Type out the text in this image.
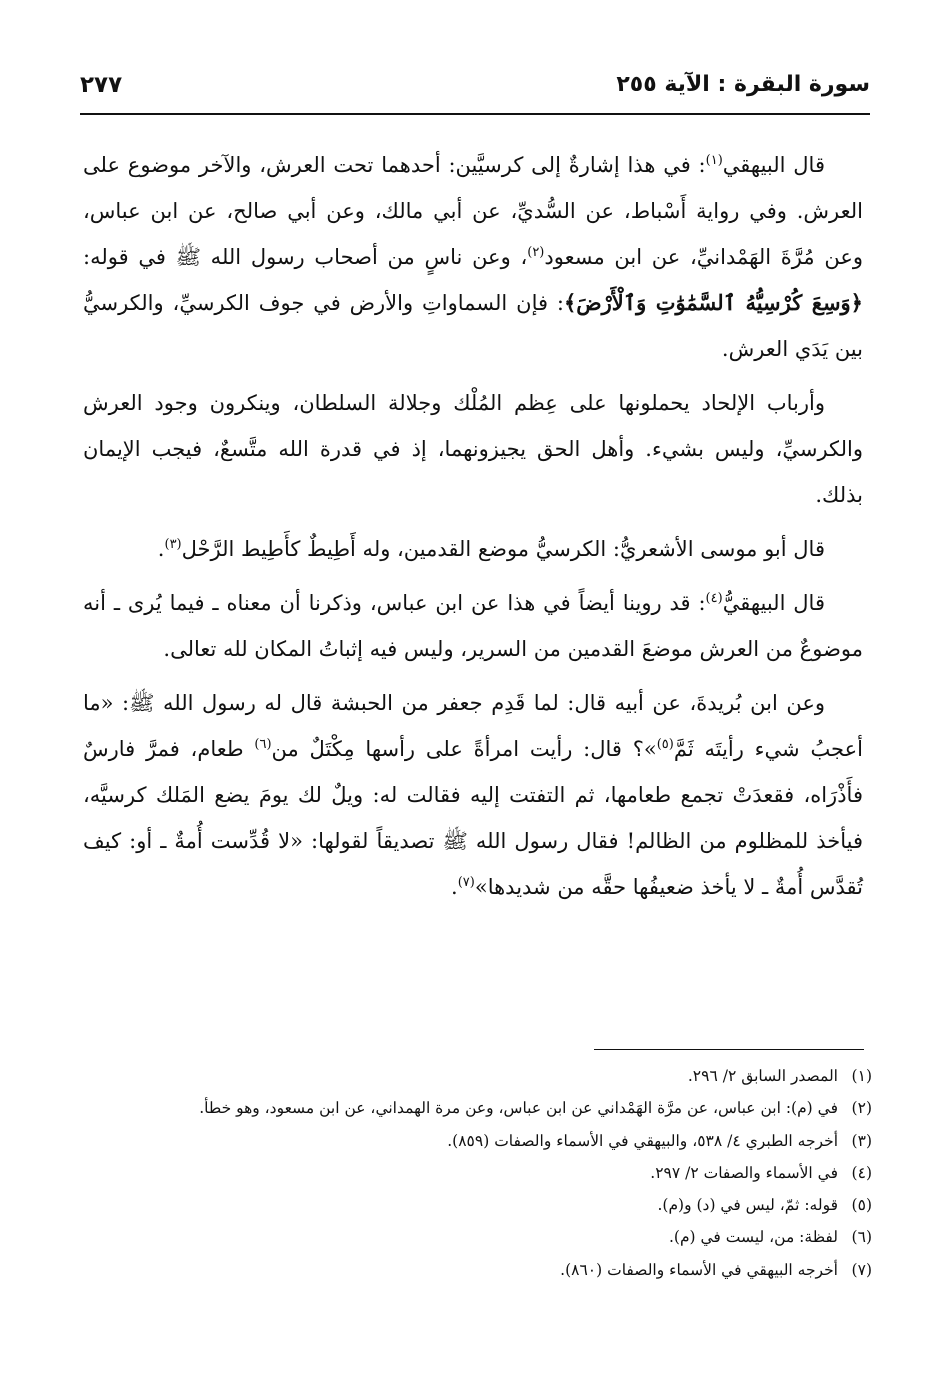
سورة البقرة : الآية ٢٥٥
٢٧٧

قال البيهقي$^{(١)}$: في هذا إشارةٌ إلى كرسيَّين: أحدهما تحت العرش، والآخر موضوع على العرش. وفي رواية أَسْباط، عن السُّديِّ، عن أبي مالك، وعن أبي صالح، عن ابن عباس، وعن مُرَّةَ الهَمْدانيِّ، عن ابن مسعود$^{(٢)}$، وعن ناسٍ من أصحاب رسول الله ﷺ في قوله: ﴿وَسِعَ كُرْسِيُّهُ ٱلسَّمَٰوَٰتِ وَٱلْأَرْضَ﴾: فإن السماواتِ والأرض في جوف الكرسيِّ، والكرسيُّ بين يَدَي العرش.

وأرباب الإلحاد يحملونها على عِظم المُلْك وجلالة السلطان، وينكرون وجود العرش والكرسيِّ، وليس بشيء. وأهل الحق يجيزونهما، إذ في قدرة الله متَّسعٌ، فيجب الإيمان بذلك.

قال أبو موسى الأشعريُّ: الكرسيُّ موضع القدمين، وله أَطِيطٌ كأَطِيط الرَّحْل$^{(٣)}$.

قال البيهقيُّ$^{(٤)}$: قد روينا أيضاً في هذا عن ابن عباس، وذكرنا أن معناه ـ فيما يُرى ـ أنه موضوعٌ من العرش موضعَ القدمين من السرير، وليس فيه إثباتُ المكان لله تعالى.

وعن ابن بُريدةَ، عن أبيه قال: لما قَدِم جعفر من الحبشة قال له رسول الله ﷺ: «ما أعجبُ شيء رأيتَه ثَمَّ$^{(٥)}$»؟ قال: رأيت امرأةً على رأسها مِكْتَلٌ من$^{(٦)}$ طعام، فمرَّ فارسٌ فأَذْرَاه، فقعدَتْ تجمع طعامها، ثم التفتت إليه فقالت له: ويلٌ لك يومَ يضع المَلك كرسيَّه، فيأخذ للمظلوم من الظالم! فقال رسول الله ﷺ تصديقاً لقولها: «لا قُدِّست أُمةٌ ـ أو: كيف تُقدَّس أُمةٌ ـ لا يأخذ ضعيفُها حقَّه من شديدها»$^{(٧)}$.

(١)المصدر السابق ٢/ ٢٩٦.
(٢)في (م): ابن عباس، عن مرَّة الهَمْداني عن ابن عباس، وعن مرة الهمداني، عن ابن مسعود، وهو خطأ.
(٣)أخرجه الطبري ٤/ ٥٣٨، والبيهقي في الأسماء والصفات (٨٥٩).
(٤)في الأسماء والصفات ٢/ ٢٩٧.
(٥)قوله: ثمّ، ليس في (د) و(م).
(٦)لفظة: من، ليست في (م).
(٧)أخرجه البيهقي في الأسماء والصفات (٨٦٠).
